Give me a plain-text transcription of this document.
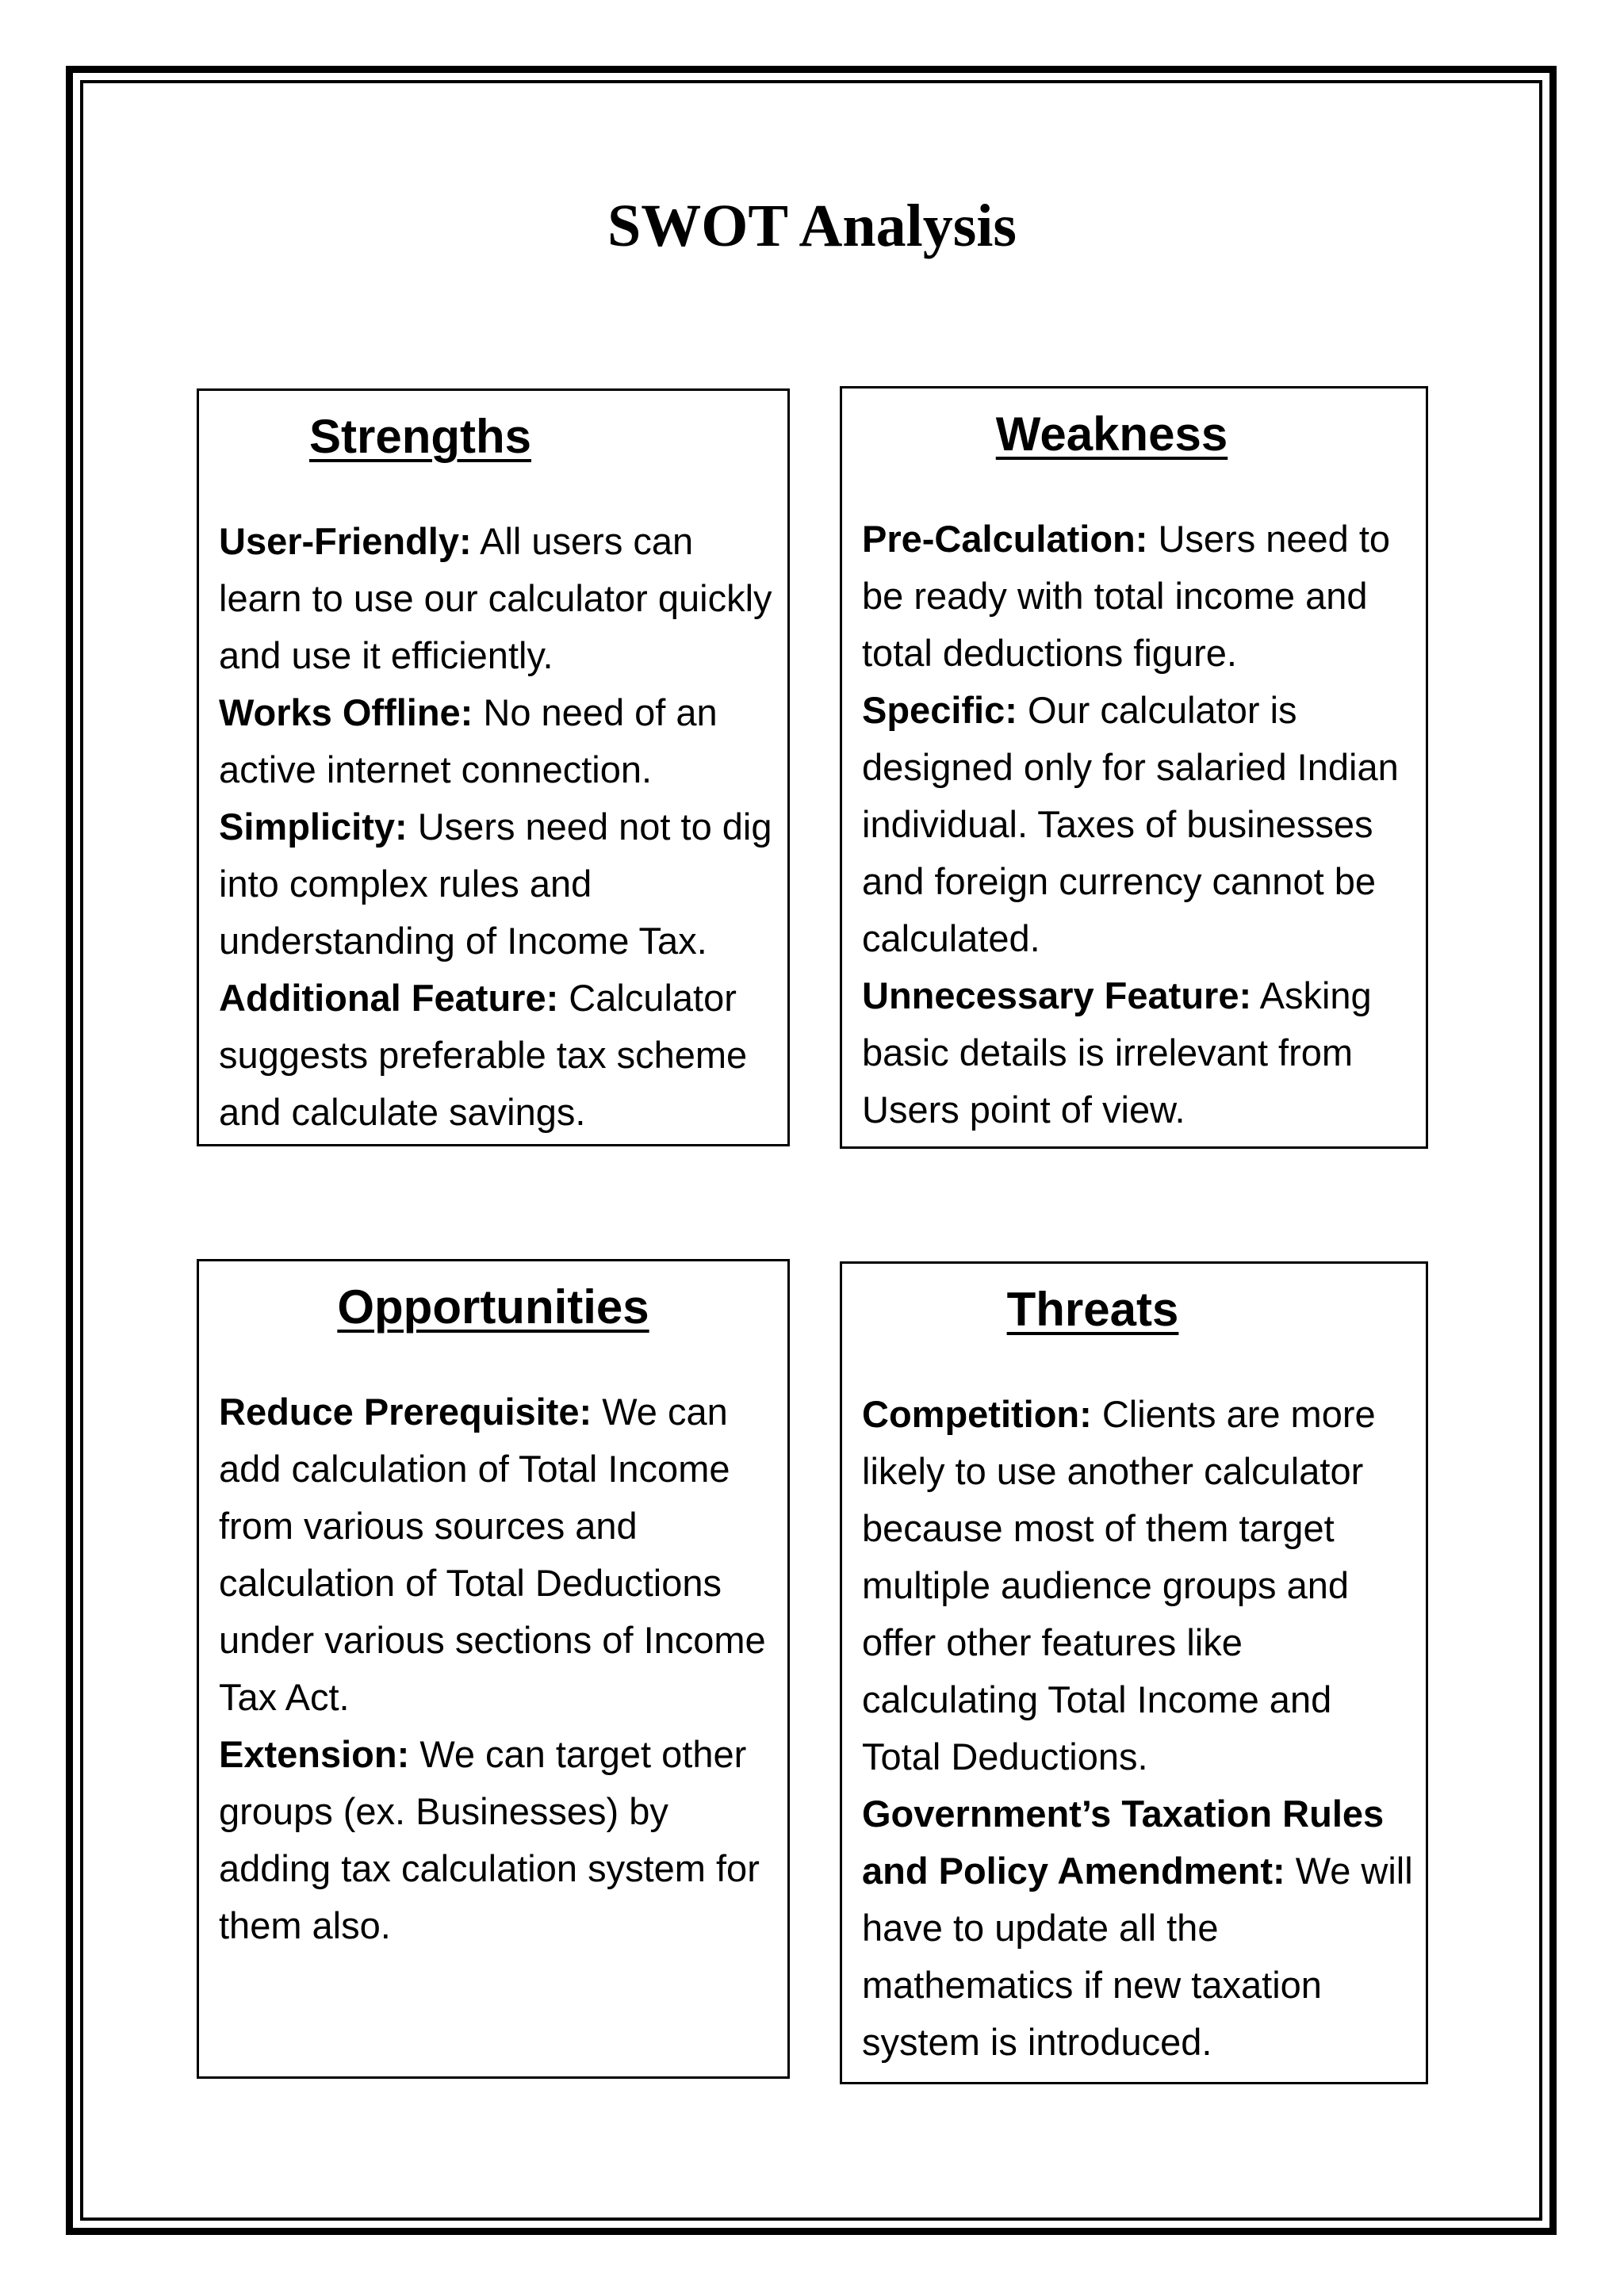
SWOT Analysis
Strengths

User-Friendly: All users can learn to use our calculator quickly and use it efficiently.

Works Offline: No need of an active internet connection.

Simplicity: Users need not to dig into complex rules and understanding of Income Tax.

Additional Feature: Calculator suggests preferable tax scheme and calculate savings.

Weakness

Pre-Calculation: Users need to be ready with total income and total deductions figure.

Specific: Our calculator is designed only for salaried Indian individual. Taxes of businesses and foreign currency cannot be calculated.

Unnecessary Feature: Asking basic details is irrelevant from Users point of view.

Opportunities

Reduce Prerequisite: We can add calculation of Total Income from various sources and calculation of Total Deductions under various sections of Income Tax Act.

Extension: We can target other groups (ex. Businesses) by adding tax calculation system for them also.

Threats

Competition: Clients are more likely to use another calculator because most of them target multiple audience groups and offer other features like calculating Total Income and Total Deductions.

Government’s Taxation Rules and Policy Amendment: We will have to update all the mathematics if new taxation system is introduced.
